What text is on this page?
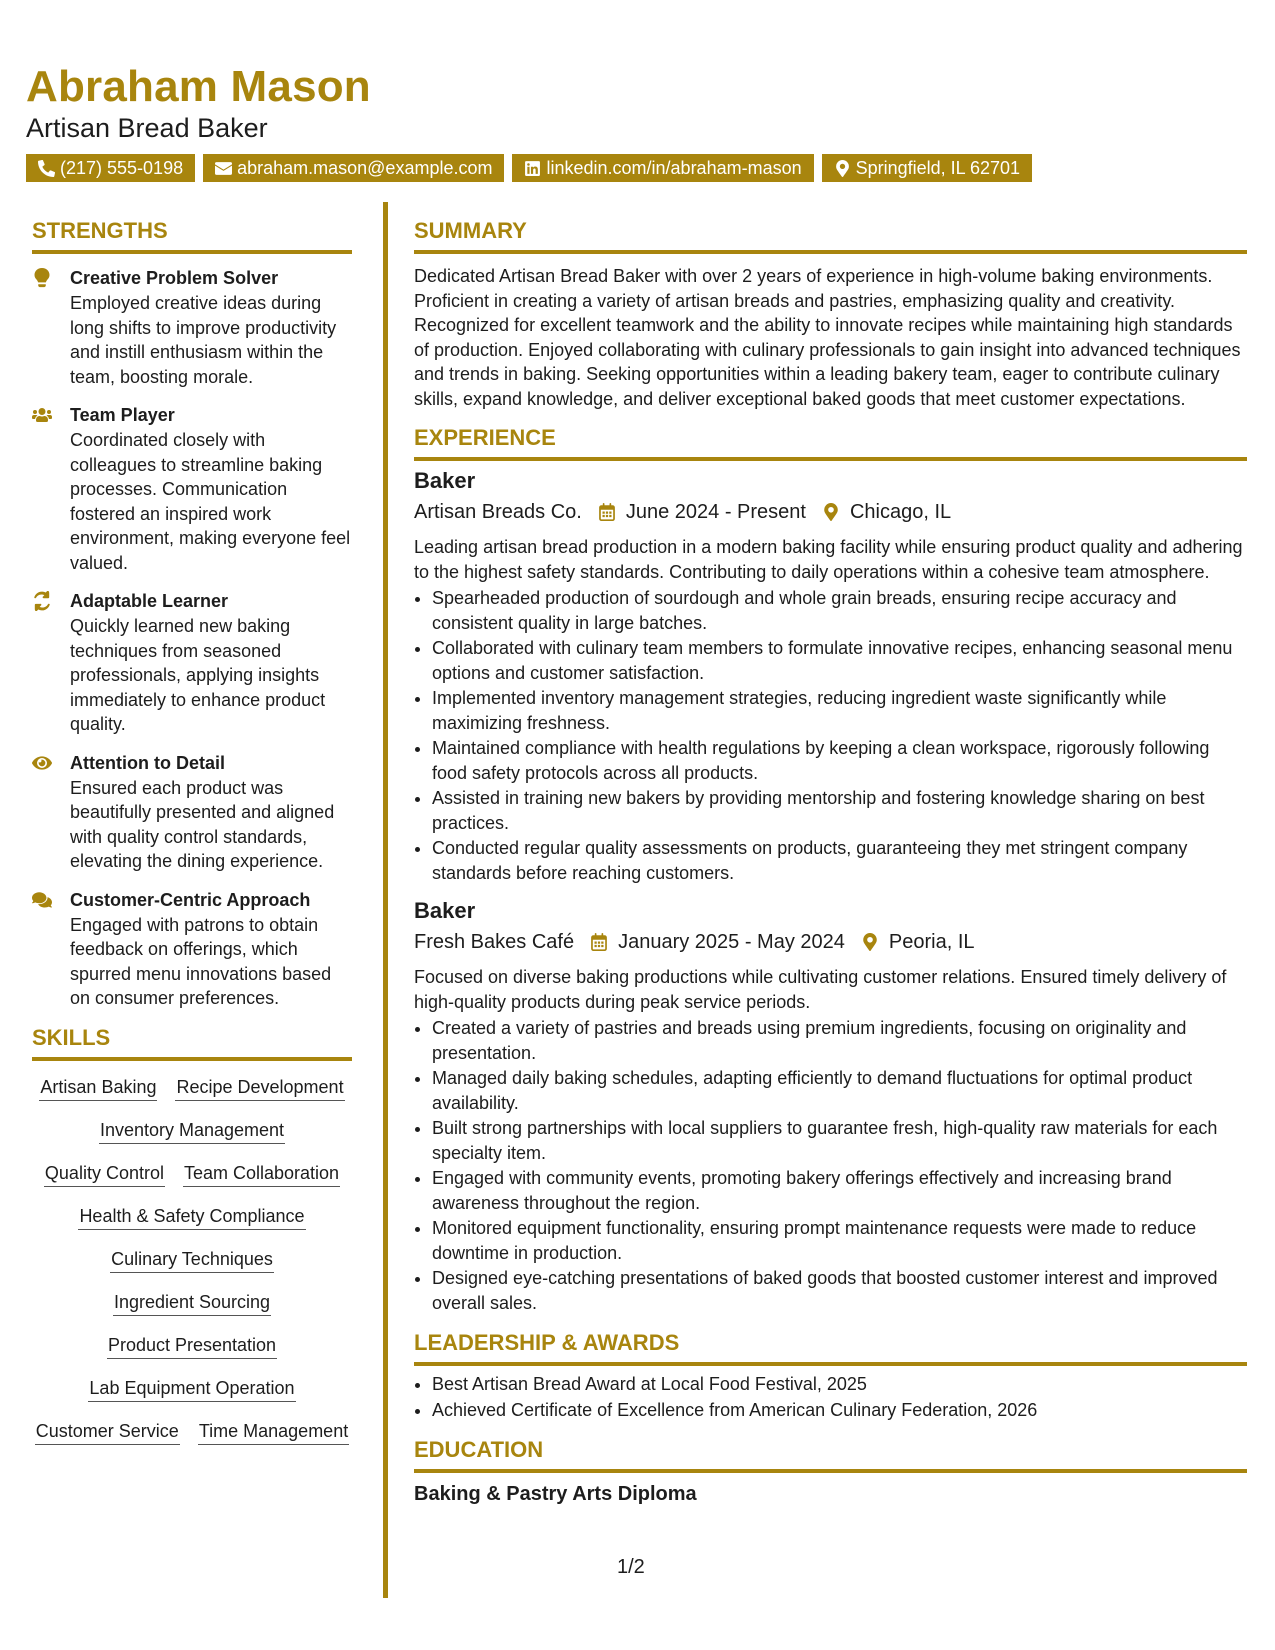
Abraham Mason
Artisan Bread Baker
(217) 555-0198	abraham.mason@example.com	linkedin.com/in/abraham-mason	Springfield, IL 62701
STRENGTHS
Creative Problem Solver
Employed creative ideas during long shifts to improve productivity and instill enthusiasm within the team, boosting morale.
Team Player
Coordinated closely with colleagues to streamline baking processes. Communication fostered an inspired work environment, making everyone feel valued.
Adaptable Learner
Quickly learned new baking techniques from seasoned professionals, applying insights immediately to enhance product quality.
Attention to Detail
Ensured each product was beautifully presented and aligned with quality control standards, elevating the dining experience.
Customer-Centric Approach
Engaged with patrons to obtain feedback on offerings, which spurred menu innovations based on consumer preferences.
SKILLS
Artisan Baking Recipe Development
Inventory Management
Quality Control Team Collaboration
Health & Safety Compliance
Culinary Techniques
Ingredient Sourcing
Product Presentation
Lab Equipment Operation
Customer Service Time Management
SUMMARY

Dedicated Artisan Bread Baker with over 2 years of experience in high-volume baking environments. Proficient in creating a variety of artisan breads and pastries, emphasizing quality and creativity. Recognized for excellent teamwork and the ability to innovate recipes while maintaining high standards of production. Enjoyed collaborating with culinary professionals to gain insight into advanced techniques and trends in baking. Seeking opportunities within a leading bakery team, eager to contribute culinary skills, expand knowledge, and deliver exceptional baked goods that meet customer expectations.

EXPERIENCE
Baker
Artisan Breads Co. June 2024 - Present Chicago, IL

Leading artisan bread production in a modern baking facility while ensuring product quality and adhering to the highest safety standards. Contributing to daily operations within a cohesive team atmosphere.

• Spearheaded production of sourdough and whole grain breads, ensuring recipe accuracy and consistent quality in large batches.
• Collaborated with culinary team members to formulate innovative recipes, enhancing seasonal menu options and customer satisfaction.
• Implemented inventory management strategies, reducing ingredient waste significantly while maximizing freshness.
• Maintained compliance with health regulations by keeping a clean workspace, rigorously following food safety protocols across all products.
• Assisted in training new bakers by providing mentorship and fostering knowledge sharing on best practices.
• Conducted regular quality assessments on products, guaranteeing they met stringent company standards before reaching customers.
Baker
Fresh Bakes Café January 2025 - May 2024 Peoria, IL

Focused on diverse baking productions while cultivating customer relations. Ensured timely delivery of high-quality products during peak service periods.

• Created a variety of pastries and breads using premium ingredients, focusing on originality and presentation.
• Managed daily baking schedules, adapting efficiently to demand fluctuations for optimal product availability.
• Built strong partnerships with local suppliers to guarantee fresh, high-quality raw materials for each specialty item.
• Engaged with community events, promoting bakery offerings effectively and increasing brand awareness throughout the region.
• Monitored equipment functionality, ensuring prompt maintenance requests were made to reduce downtime in production.
• Designed eye-catching presentations of baked goods that boosted customer interest and improved overall sales.
LEADERSHIP & AWARDS
• Best Artisan Bread Award at Local Food Festival, 2025
• Achieved Certificate of Excellence from American Culinary Federation, 2026
EDUCATION
Baking & Pastry Arts Diploma
1/2
